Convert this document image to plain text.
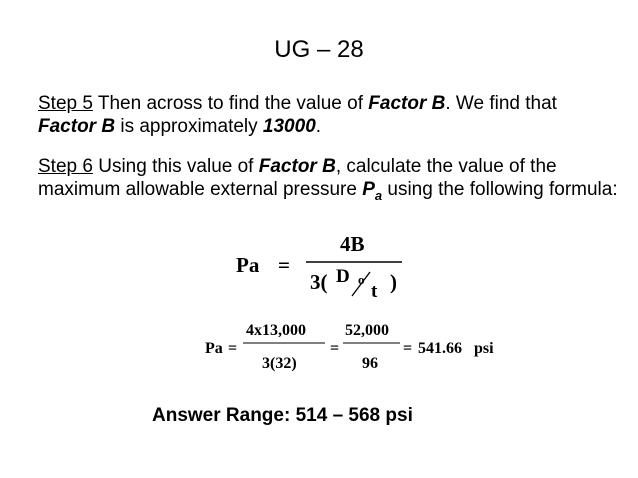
UG – 28
Step 5 Then across to find the value of Factor B. We find that Factor B is approximately 13000.
Step 6 Using this value of Factor B, calculate the value of the maximum allowable external pressure $P_a$ using the following formula:
Pa =
4B
3( D o
t )
Pa =
4x13,000
3(32)
=
52,000
96
= 541.66 psi
Answer Range: 514 – 568 psi
